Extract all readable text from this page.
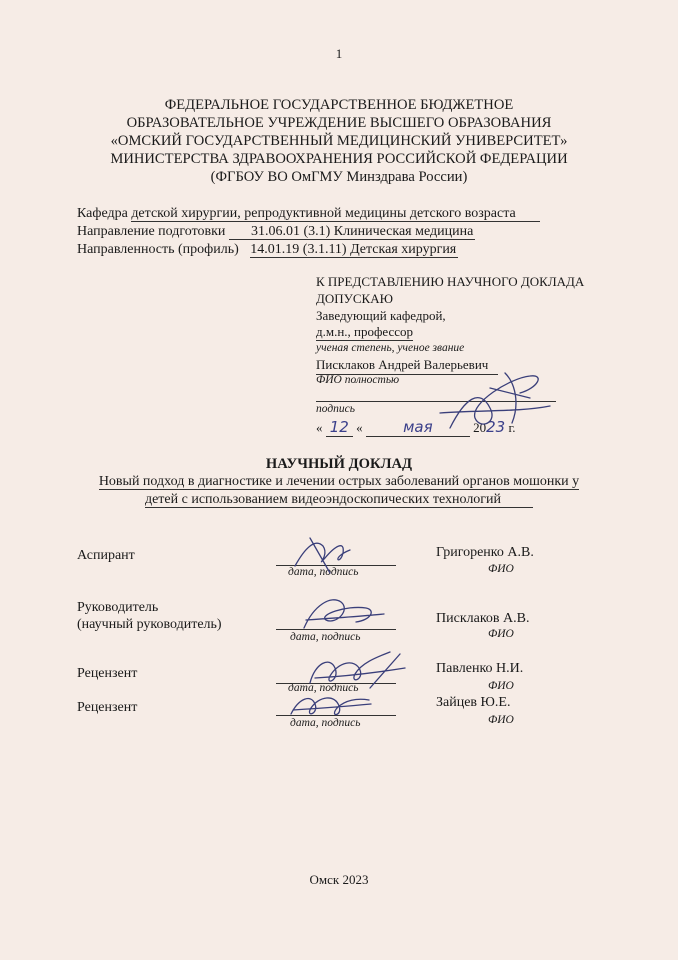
1
ФЕДЕРАЛЬНОЕ ГОСУДАРСТВЕННОЕ БЮДЖЕТНОЕ
ОБРАЗОВАТЕЛЬНОЕ УЧРЕЖДЕНИЕ ВЫСШЕГО ОБРАЗОВАНИЯ
«ОМСКИЙ ГОСУДАРСТВЕННЫЙ МЕДИЦИНСКИЙ УНИВЕРСИТЕТ»
МИНИСТЕРСТВА ЗДРАВООХРАНЕНИЯ РОССИЙСКОЙ ФЕДЕРАЦИИ
(ФГБОУ ВО ОмГМУ Минздрава России)
Кафедра детской хирургии, репродуктивной медицины детского возраста
Направление подготовки 31.06.01 (3.1) Клиническая медицина
Направленность (профиль) 14.01.19 (3.1.11) Детская хирургия
К ПРЕДСТАВЛЕНИЮ НАУЧНОГО ДОКЛАДА
ДОПУСКАЮ
Заведующий кафедрой,
д.м.н., профессор
ученая степень, ученое звание
Писклаков Андрей Валерьевич
ФИО полностью
подпись
« 12 «	мая	2023 г.
НАУЧНЫЙ ДОКЛАД
Новый подход в диагностике и лечении острых заболеваний органов мошонки у
детей с использованием видеоэндоскопических технологий
Аспирант
дата, подпись
Григоренко А.В.
ФИО
Руководитель
(научный руководитель)
дата, подпись
Писклаков А.В.
ФИО
Рецензент
дата, подпись
Павленко Н.И.
ФИО
Рецензент
дата, подпись
Зайцев Ю.Е.
ФИО
Омск 2023
